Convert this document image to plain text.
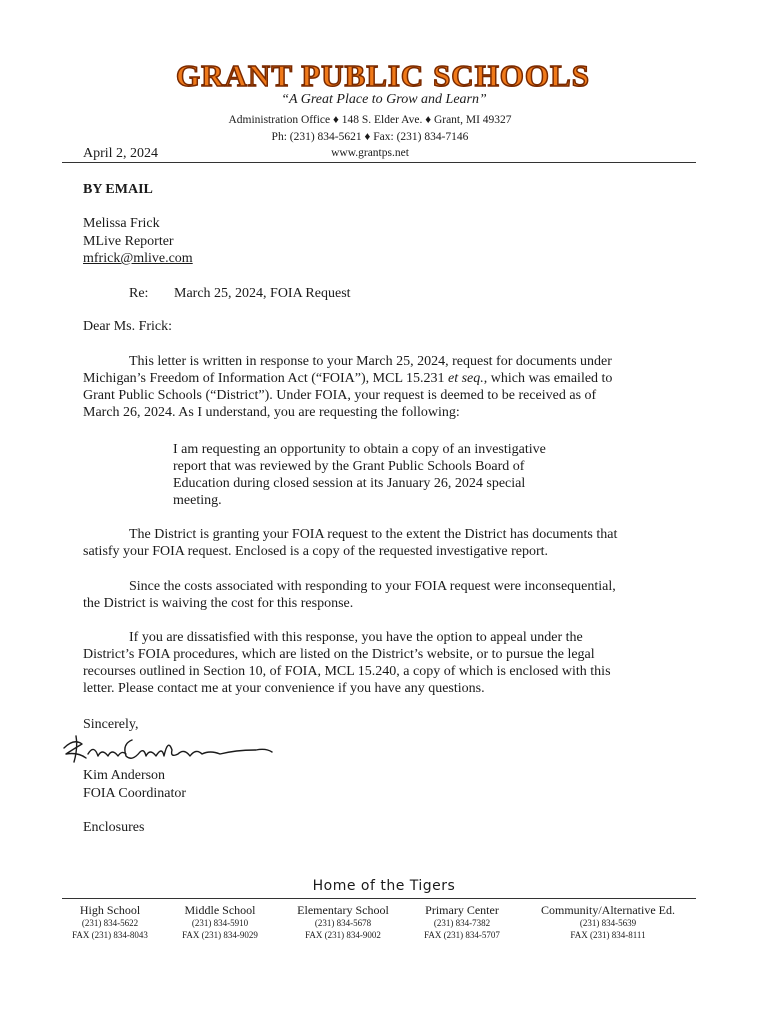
GRANT PUBLIC SCHOOLS
“A Great Place to Grow and Learn”
Administration Office ♦ 148 S. Elder Ave. ♦ Grant, MI 49327
Ph: (231) 834-5621 ♦ Fax: (231) 834-7146
www.grantps.net
April 2, 2024
BY EMAIL
Melissa Frick
MLive Reporter
mfrick@mlive.com
Re: March 25, 2024, FOIA Request
Dear Ms. Frick:
This letter is written in response to your March 25, 2024, request for documents under
Michigan’s Freedom of Information Act (“FOIA”), MCL 15.231 et seq., which was emailed to
Grant Public Schools (“District”). Under FOIA, your request is deemed to be received as of
March 26, 2024. As I understand, you are requesting the following:
I am requesting an opportunity to obtain a copy of an investigative
report that was reviewed by the Grant Public Schools Board of
Education during closed session at its January 26, 2024 special
meeting.
The District is granting your FOIA request to the extent the District has documents that
satisfy your FOIA request. Enclosed is a copy of the requested investigative report.
Since the costs associated with responding to your FOIA request were inconsequential,
the District is waiving the cost for this response.
If you are dissatisfied with this response, you have the option to appeal under the
District’s FOIA procedures, which are listed on the District’s website, or to pursue the legal
recourses outlined in Section 10, of FOIA, MCL 15.240, a copy of which is enclosed with this
letter. Please contact me at your convenience if you have any questions.
Sincerely,
Kim Anderson
FOIA Coordinator
Enclosures
Home of the Tigers
High School
(231) 834-5622
FAX (231) 834-8043
Middle School
(231) 834-5910
FAX (231) 834-9029
Elementary School
(231) 834-5678
FAX (231) 834-9002
Primary Center
(231) 834-7382
FAX (231) 834-5707
Community/Alternative Ed.
(231) 834-5639
FAX (231) 834-8111
